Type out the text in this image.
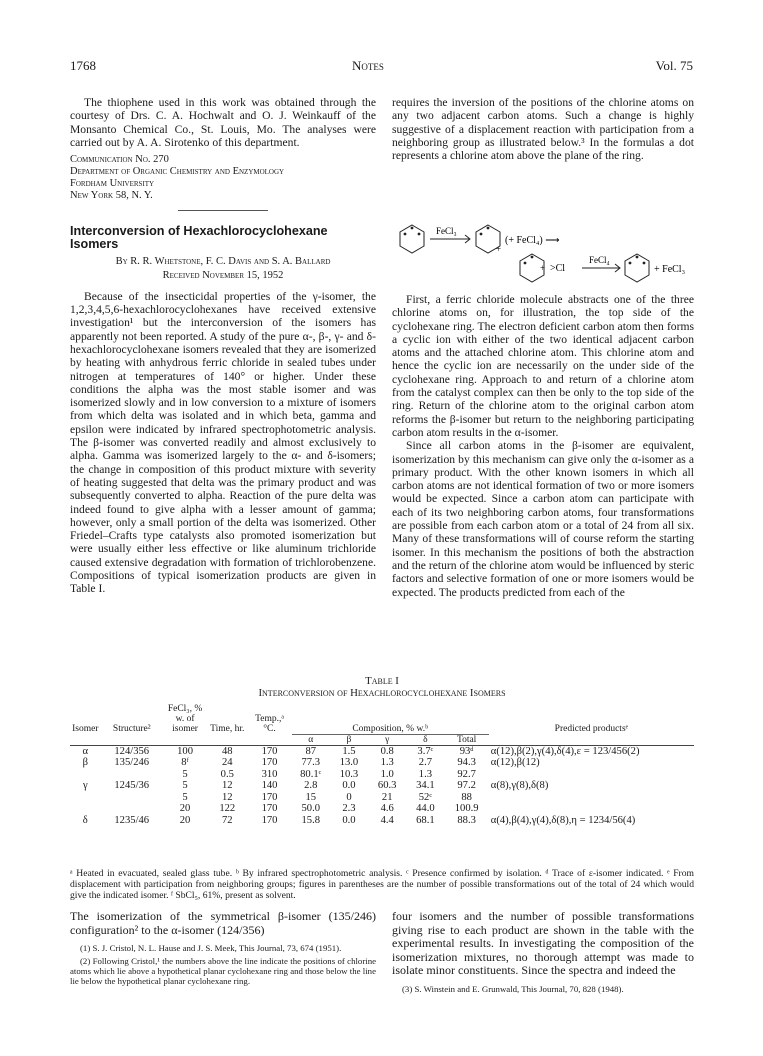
1768	Notes	Vol. 75

The thiophene used in this work was obtained through the courtesy of Drs. C. A. Hochwalt and O. J. Weinkauff of the Monsanto Chemical Co., St. Louis, Mo. The analyses were carried out by A. A. Sirotenko of this department.

Communication No. 270
Department of Organic Chemistry and Enzymology
Fordham University
New York 58, N. Y.
Interconversion of Hexachlorocyclohexane Isomers
By R. R. Whetstone, F. C. Davis and S. A. Ballard
Received November 15, 1952

Because of the insecticidal properties of the γ-isomer, the 1,2,3,4,5,6-hexachlorocyclohexanes have received extensive investigation¹ but the interconversion of the isomers has apparently not been reported. A study of the pure α-, β-, γ- and δ-hexachlorocyclohexane isomers revealed that they are isomerized by heating with anhydrous ferric chloride in sealed tubes under nitrogen at temperatures of 140° or higher. Under these conditions the alpha was the most stable isomer and was isomerized slowly and in low conversion to a mixture of isomers from which delta was isolated and in which beta, gamma and epsilon were indicated by infrared spectrophotometric analysis. The β-isomer was converted readily and almost exclusively to alpha. Gamma was isomerized largely to the α- and δ-isomers; the change in composition of this product mixture with severity of heating suggested that delta was the primary product and was subsequently converted to alpha. Reaction of the pure delta was indeed found to give alpha with a lesser amount of gamma; however, only a small portion of the delta was isomerized. Other Friedel–Crafts type catalysts also promoted isomerization but were usually either less effective or like aluminum trichloride caused extensive degradation with formation of trichlorobenzene. Compositions of typical isomerization products are given in Table I.

requires the inversion of the positions of the chlorine atoms on any two adjacent carbon atoms. Such a change is highly suggestive of a displacement reaction with participation from a neighboring group as illustrated below.³ In the formulas a dot represents a chlorine atom above the plane of the ring.

FeCl₃
+
(+ FeCl₄) ⟶
+ >Cl
FeCl₄
+ FeCl₃

First, a ferric chloride molecule abstracts one of the three chlorine atoms on, for illustration, the top side of the cyclohexane ring. The electron deficient carbon atom then forms a cyclic ion with either of the two identical adjacent carbon atoms and the attached chlorine atom. This chlorine atom and hence the cyclic ion are necessarily on the under side of the cyclohexane ring. Approach to and return of a chlorine atom from the catalyst complex can then be only to the top side of the ring. Return of the chlorine atom to the original carbon atom reforms the β-isomer but return to the neighboring participating carbon atom results in the α-isomer.

Since all carbon atoms in the β-isomer are equivalent, isomerization by this mechanism can give only the α-isomer as a primary product. With the other known isomers in which all carbon atoms are not identical formation of two or more isomers would be expected. Since a carbon atom can participate with each of its two neighboring carbon atoms, four transformations are possible from each carbon atom or a total of 24 from all six. Many of these transformations will of course reform the starting isomer. In this mechanism the positions of both the abstraction and the return of the chlorine atom would be influenced by steric factors and selective formation of one or more isomers would be expected. The products predicted from each of the

Table I
Interconversion of Hexachlorocyclohexane Isomers
Isomer	Structure²	FeCl₃, % w. of isomer	Time, hr.	Temp.,ᵃ °C.	Composition, % w.ᵇ					Predicted productsᵉ
					α	β	γ	δ	Total	
α	124/356	100	48	170	87	1.5	0.8	3.7ᶜ	93ᵈ	α(12),β(2),γ(4),δ(4),ε = 123/456(2)
β	135/246	8ᶠ	24	170	77.3	13.0	1.3	2.7	94.3	α(12),β(12)
		5	0.5	310	80.1ᶜ	10.3	1.0	1.3	92.7	
γ	1245/36	5	12	140	2.8	0.0	60.3	34.1	97.2	α(8),γ(8),δ(8)
		5	12	170	15	0	21	52ᶜ	88	
		20	122	170	50.0	2.3	4.6	44.0	100.9	
δ	1235/46	20	72	170	15.8	0.0	4.4	68.1	88.3	α(4),β(4),γ(4),δ(8),η = 1234/56(4)
ᵃ Heated in evacuated, sealed glass tube. ᵇ By infrared spectrophotometric analysis. ᶜ Presence confirmed by isolation. ᵈ Trace of ε-isomer indicated. ᵉ From displacement with participation from neighboring groups; figures in parentheses are the number of possible transformations out of the total of 24 which would give the indicated isomer. ᶠ SbCl₅, 61%, present as solvent.

The isomerization of the symmetrical β-isomer (135/246) configuration² to the α-isomer (124/356)

(1) S. J. Cristol, N. L. Hause and J. S. Meek, This Journal, 73, 674 (1951).

(2) Following Cristol,¹ the numbers above the line indicate the positions of chlorine atoms which lie above a hypothetical planar cyclohexane ring and those below the line lie below the hypothetical planar cyclohexane ring.

four isomers and the number of possible transformations giving rise to each product are shown in the table with the experimental results. In investigating the composition of the isomerization mixtures, no thorough attempt was made to isolate minor constituents. Since the spectra and indeed the

(3) S. Winstein and E. Grunwald, This Journal, 70, 828 (1948).
